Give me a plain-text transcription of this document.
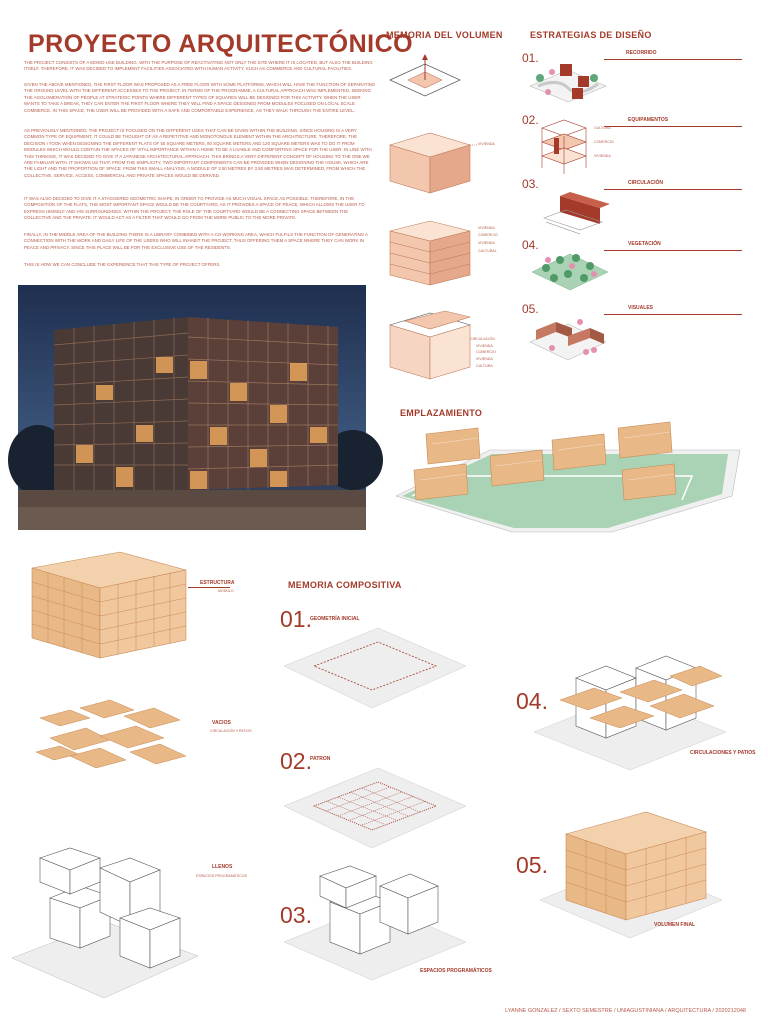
PROYECTO ARQUITECTÓNICO
THE PROJECT CONSISTS OF A MIXED-USE BUILDING, WITH THE PURPOSE OF REACTIVATING NOT ONLY THE SITE WHERE IT IS LOCATED, BUT ALSO THE BUILDING ITSELF. THEREFORE, IT WAS DECIDED TO IMPLEMENT FACILITIES ASSOCIATED WITH HUMAN ACTIVITY, SUCH AS COMMERCE AND CULTURAL FACILITIES.
GIVEN THE ABOVE MENTIONED, THE FIRST FLOOR WAS PROPOSED AS A FREE FLOOR WITH SOME PLATFORMS, WHICH WILL HAVE THE FUNCTION OF SEPARATING THE GROUND LEVEL WITH THE DIFFERENT ACCESSES TO THE PROJECT. IN TERMS OF THE PROGRAMME, A CULTURAL APPROACH WAS IMPLEMENTED, SEEKING THE AGGLOMERATION OF PEOPLE AT STRATEGIC POINTS WHERE DIFFERENT TYPES OF SQUARES WILL BE DESIGNED FOR THIS ACTIVITY. WHEN THE USER WANTS TO TAKE A BREAK, THEY CAN ENTER THE FIRST FLOOR WHERE THEY WILL FIND A SPACE DESIGNED FROM MODULES FOCUSED ON LOCAL SCALE COMMERCE. IN THIS SPACE, THE USER WILL BE PROVIDED WITH A SAFE AND COMFORTABLE EXPERIENCE, AS THEY WALK THROUGH THE ENTIRE LEVEL.
AS PREVIOUSLY MENTIONED, THE PROJECT IS FOCUSED ON THE DIFFERENT USES THAT CAN BE GIVEN WITHIN THE BUILDING. SINCE HOUSING IS A VERY COMMON TYPE OF EQUIPMENT, IT COULD BE THOUGHT OF AS A REPETITIVE AND MONOTONOUS ELEMENT WITHIN THE ARCHITECTURE. THEREFORE, THE DECISION I TOOK WHEN DESIGNING THE DIFFERENT FLATS OF 50 SQUARE METERS, 80 SQUARE METERS AND 120 SQUARE METERS WAS TO DO IT FROM MODULES WHICH WOULD CONTAIN THE SPACES OF VITAL IMPORTANCE WITHIN A HOME TO BE A LIVABLE AND COMFORTING SPACE FOR THE USER. IN LINE WITH THIS THINKING, IT WAS DECIDED TO GIVE IT A JAPANESE ARCHITECTURAL APPROACH. THIS BRINGS A VERY DIFFERENT CONCEPT OF HOUSING TO THE ONE WE ARE FAMILIAR WITH. IT SHOWS US THAT, FROM THE SIMPLICITY, TWO IMPORTANT COMPONENTS CAN BE PROVIDED WHEN DESIGNING THE HOUSE, WHICH ARE THE LIGHT AND THE PROPORTION OF SPACE. FROM THIS SMALL ANALYSIS, A MODULE OF 3.50 METRES BY 3.50 METRES WAS DETERMINED, FROM WHICH THE COLLECTIVE, SERVICE, ACCESS, COMMERCIAL AND PRIVATE SPACES WOULD BE DERIVED.
IT WAS ALSO DECIDED TO GIVE IT A STAGGERED GEOMETRIC SHAPE, IN ORDER TO PROVIDE AS MUCH VISUAL SPACE AS POSSIBLE. THEREFORE, IN THE COMPOSITION OF THE FLATS, THE MOST IMPORTANT SPACE WOULD BE THE COURTYARD, AS IT PROVIDES A SPACE OF PEACE, WHICH ALLOWS THE USER TO EXPRESS HIMSELF AND HIS SURROUNDINGS. WITHIN THE PROJECT, THE ROLE OF THE COURTYARD WOULD BE A CONNECTING SPACE BETWEEN THE COLLECTIVE AND THE PRIVATE. IT WOULD ACT AS A FILTER THAT WOULD GO FROM THE MORE PUBLIC TO THE MORE PRIVATE.
FINALLY, IN THE MIDDLE AREA OF THE BUILDING THERE IS A LIBRARY COMBINED WITH A CO-WORKING AREA, WHICH FULFILS THE FUNCTION OF GENERATING A CONNECTION WITH THE WORK AND DAILY LIFE OF THE USERS WHO WILL INHABIT THE PROJECT, THUS OFFERING THEM A SPACE WHERE THEY CAN WORK IN PEACE AND PRIVACY. SINCE THIS PLACE WILL BE FOR THE EXCLUSIVE USE OF THE RESIDENTS.
THIS IS HOW WE CAN CONCLUDE THE EXPERIENCE THAT THIS TYPE OF PROJECT OFFERS.
MEMORIA DEL VOLUMEN
VIVIENDA
VIVIENDA
COMERCIO
VIVIENDA
CULTURAL
CIRCULACIÓN
VIVIENDA
COMERCIO
VIVIENDA
CULTURA
ESTRATEGIAS DE DISEÑO
01.	RECORRIDO
02.	EQUIPAMENTOS
CULTURA
COMERCIO
VIVIENDA
03.	CIRCULACIÓN
04.	VEGETACIÓN
05.	VISUALES
EMPLAZAMIENTO
ESTRUCTURA
MÓDULO
VACIOS
CIRCULACIÓN Y PATIOS
LLENOS
ESPACIOS PROGRAMÁTICOS
MEMORIA COMPOSITIVA
01.
GEOMETRÍA INICIAL
02.
PATRON
03.
ESPACIOS PROGRAMÁTICOS
04.
CIRCULACIONES Y PATIOS
05.
VOLUMEN FINAL
LYANNE GONZALEZ / SEXTO SEMESTRE / UNIAGUSTINIANA / ARQUITECTURA / 2020212048
